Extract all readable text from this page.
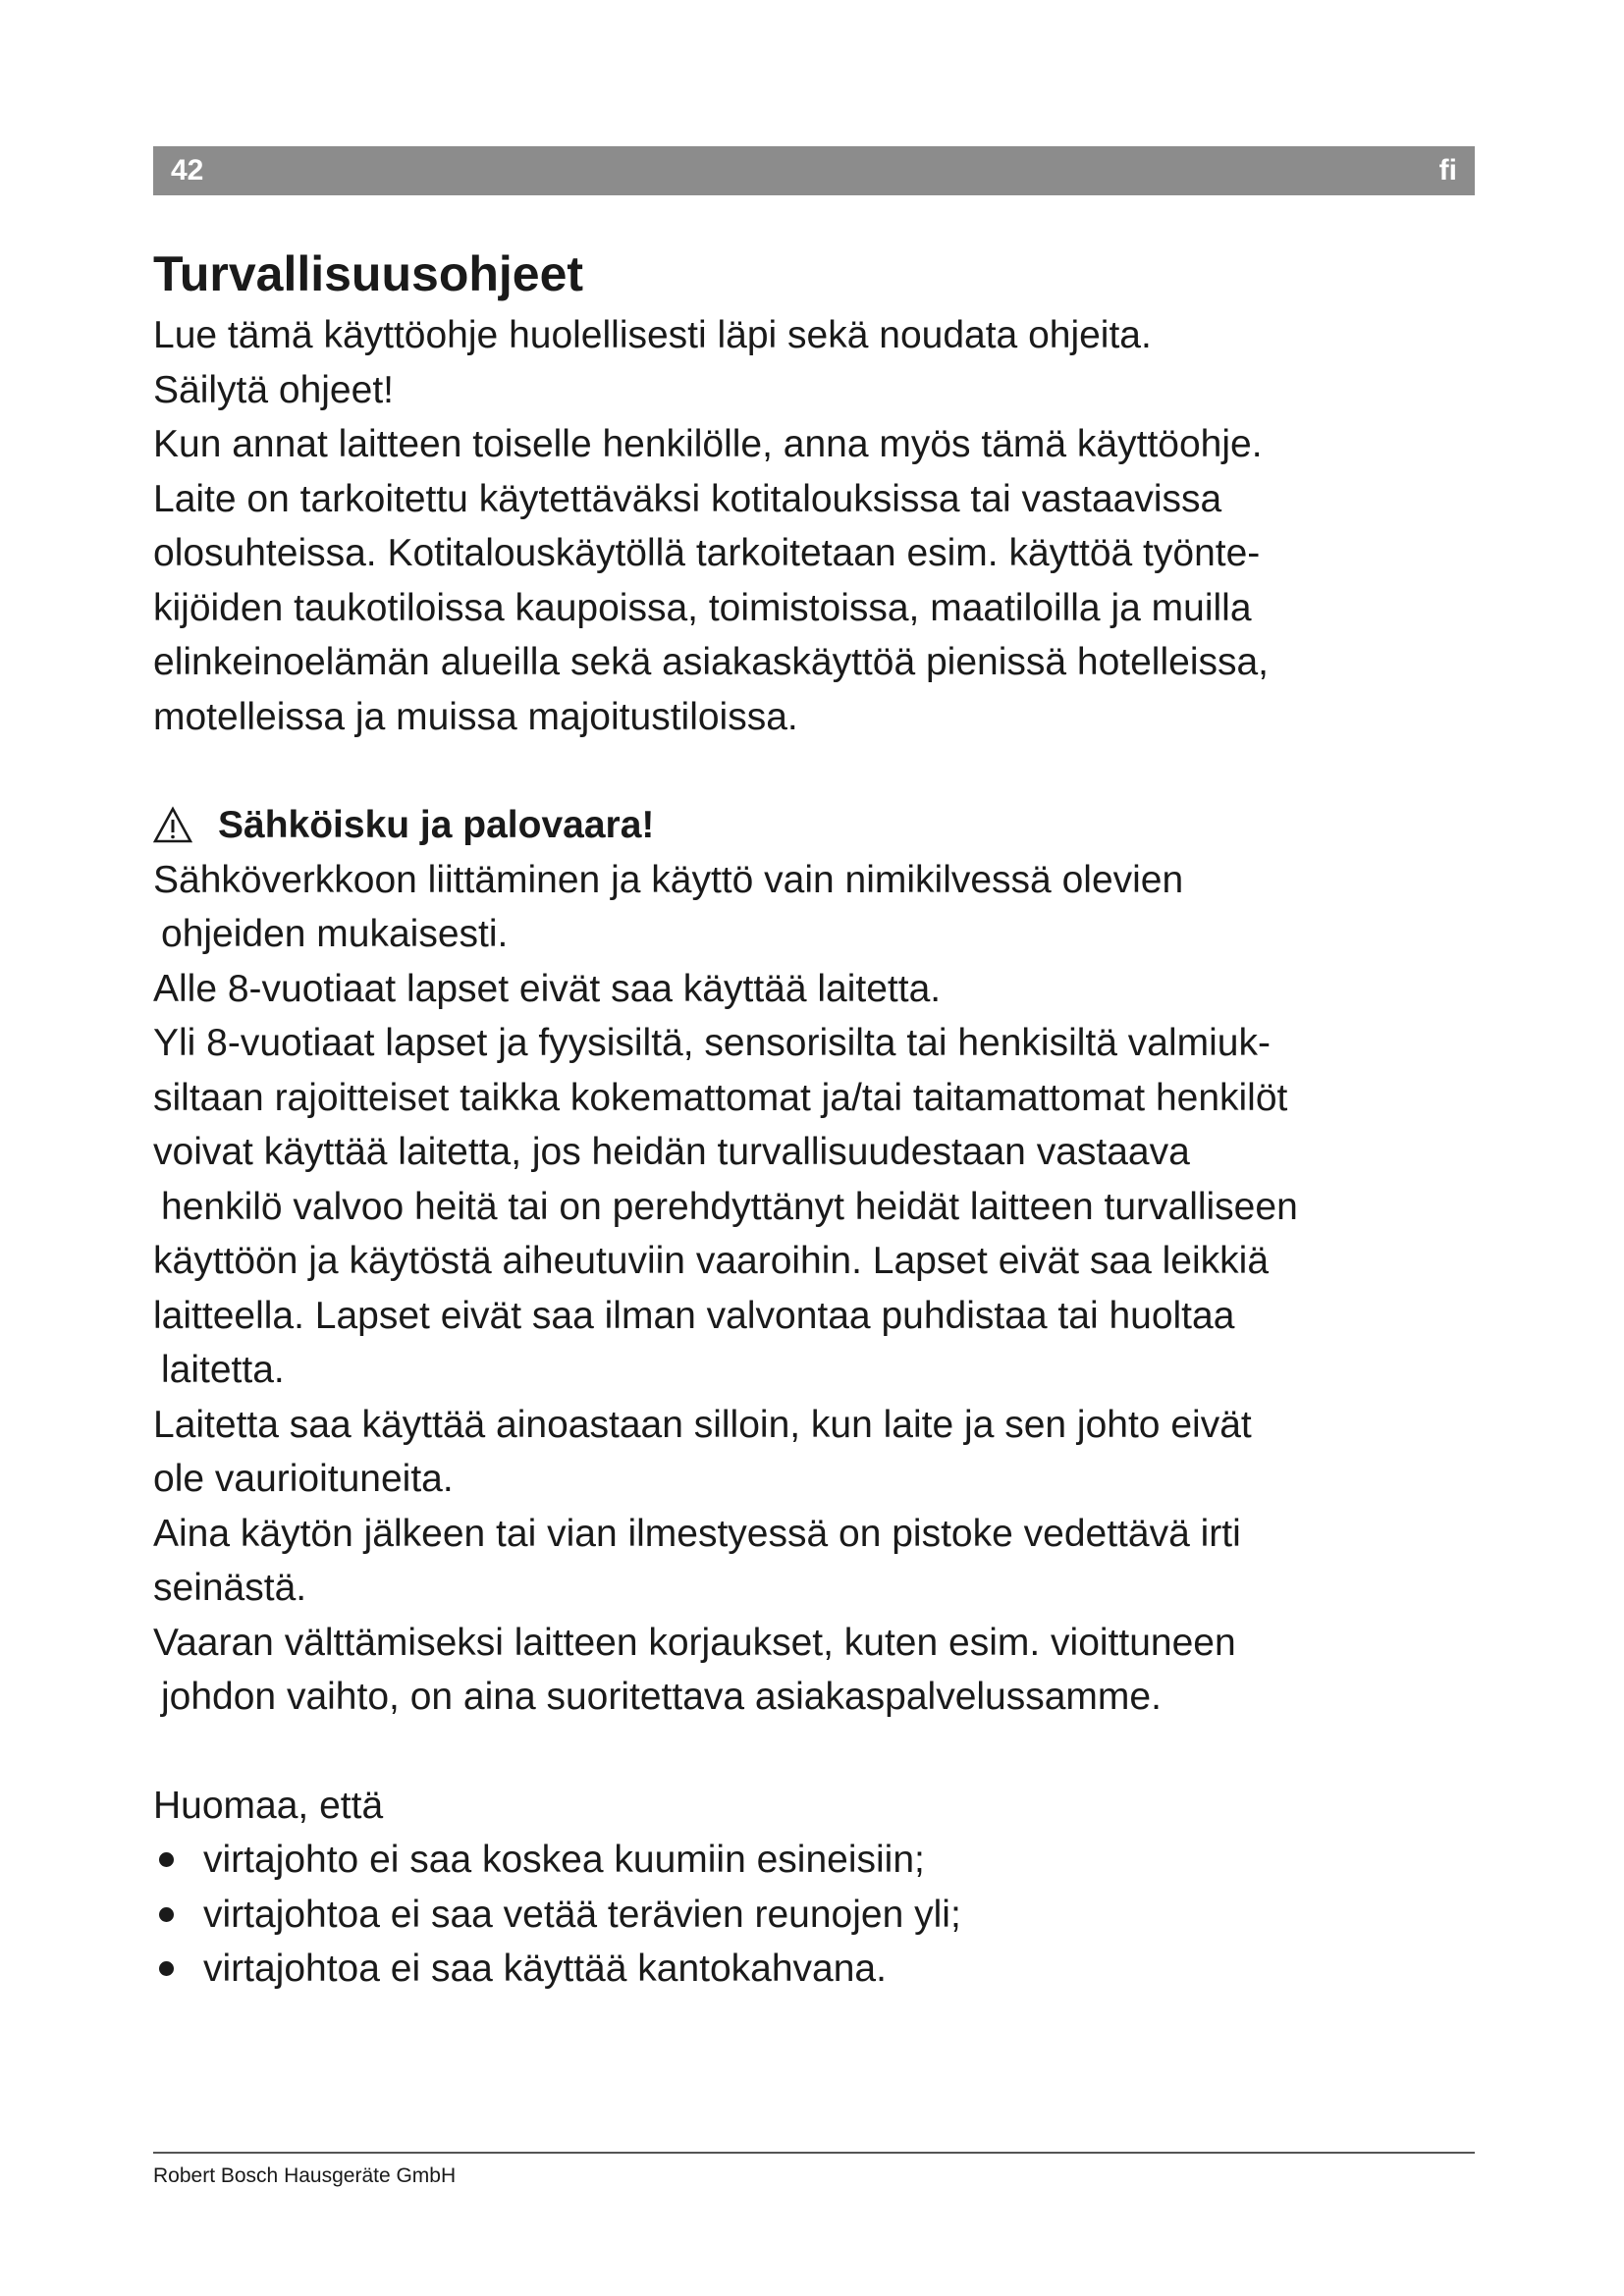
42	fi
Turvallisuusohjeet

Lue tämä käyttöohje huolellisesti läpi sekä noudata ohjeita.

Säilytä ohjeet!

Kun annat laitteen toiselle henkilölle, anna myös tämä käyttöohje.

Laite on tarkoitettu käytettäväksi kotitalouksissa tai vastaavissa

olosuhteissa. Kotitalouskäytöllä tarkoitetaan esim. käyttöä työnte-

kijöiden taukotiloissa kaupoissa, toimistoissa, maatiloilla ja muilla

elinkeinoelämän alueilla sekä asiakaskäyttöä pienissä hotelleissa,

motelleissa ja muissa majoitustiloissa.

Sähköisku ja palovaara!

Sähköverkkoon liittäminen ja käyttö vain nimikilvessä olevien

ohjeiden mukaisesti.

Alle 8-vuotiaat lapset eivät saa käyttää laitetta.

Yli 8-vuotiaat lapset ja fyysisiltä, sensorisilta tai henkisiltä valmiuk-

siltaan rajoitteiset taikka kokemattomat ja/tai taitamattomat henkilöt

voivat käyttää laitetta, jos heidän turvallisuudestaan vastaava

henkilö valvoo heitä tai on perehdyttänyt heidät laitteen turvalliseen

käyttöön ja käytöstä aiheutuviin vaaroihin. Lapset eivät saa leikkiä

laitteella. Lapset eivät saa ilman valvontaa puhdistaa tai huoltaa

laitetta.

Laitetta saa käyttää ainoastaan silloin, kun laite ja sen johto eivät

ole vaurioituneita.

Aina käytön jälkeen tai vian ilmestyessä on pistoke vedettävä irti

seinästä.

Vaaran välttämiseksi laitteen korjaukset, kuten esim. vioittuneen

johdon vaihto, on aina suoritettava asiakaspalvelussamme.

Huomaa, että

virtajohto ei saa koskea kuumiin esineisiin;
virtajohtoa ei saa vetää terävien reunojen yli;
virtajohtoa ei saa käyttää kantokahvana.
Robert Bosch Hausgeräte GmbH
